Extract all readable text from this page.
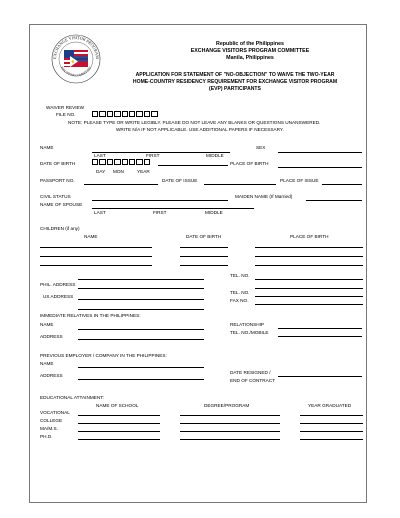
EXCHANGE VISITOR PROGRAM
PHILIPPINE COMMITTEE
Republic of the Philippines
EXCHANGE VISITORS PROGRAM COMMITTEE
Manila, Philippines
APPLICATION FOR STATEMENT OF "NO-OBJECTION" TO WAIVE THE TWO-YEAR
HOME-COUNTRY RESIDENCY REQUIREMENT FOR EXCHANGE VISITOR PROGRAM
(EVP) PARTICIPANTS
WAIVER REVIEW
FILE NO.
NOTE: PLEASE TYPE OR WRITE LEGIBLY. PLEASE DO NOT LEAVE ANY BLANKS OR QUESTIONS UNANSWERED.
WRITE N/A IF NOT APPLICABLE. USE ADDITIONAL PAPERS IF NECESSARY.
NAME	SEX
LAST	FIRST	MIDDLE
DATE OF BIRTH	PLACE OF BIRTH
DAY MON	YEAR
PASSPORT NO.	DATE OF ISSUE	PLACE OF ISSUE
CIVIL STATUS	MAIDEN NAME (If Married)
NAME OF SPOUSE
LAST	FIRST	MIDDLE
CHILDREN (if any)
NAME	DATE OF BIRTH	PLACE OF BIRTH
TEL. NO.
PHIL. ADDRESS
TEL. NO.
US ADDRESS
FAX NO.
IMMEDIATE RELATIVES IN THE PHILIPPINES:
NAME	RELATIONSHIP
TEL. NO./MOBILE
ADDRESS
PREVIOUS EMPLOYER / COMPANY IN THE PHILIPPINES:
NAME
DATE RESIGNED /
ADDRESS
END OF CONTRACT
EDUCATIONAL ATTAINMENT:
NAME OF SCHOOL	DEGREE/PROGRAM	YEAR GRADUATED
VOCATIONAL
COLLEGE
MA/M.S.
PH.D.
